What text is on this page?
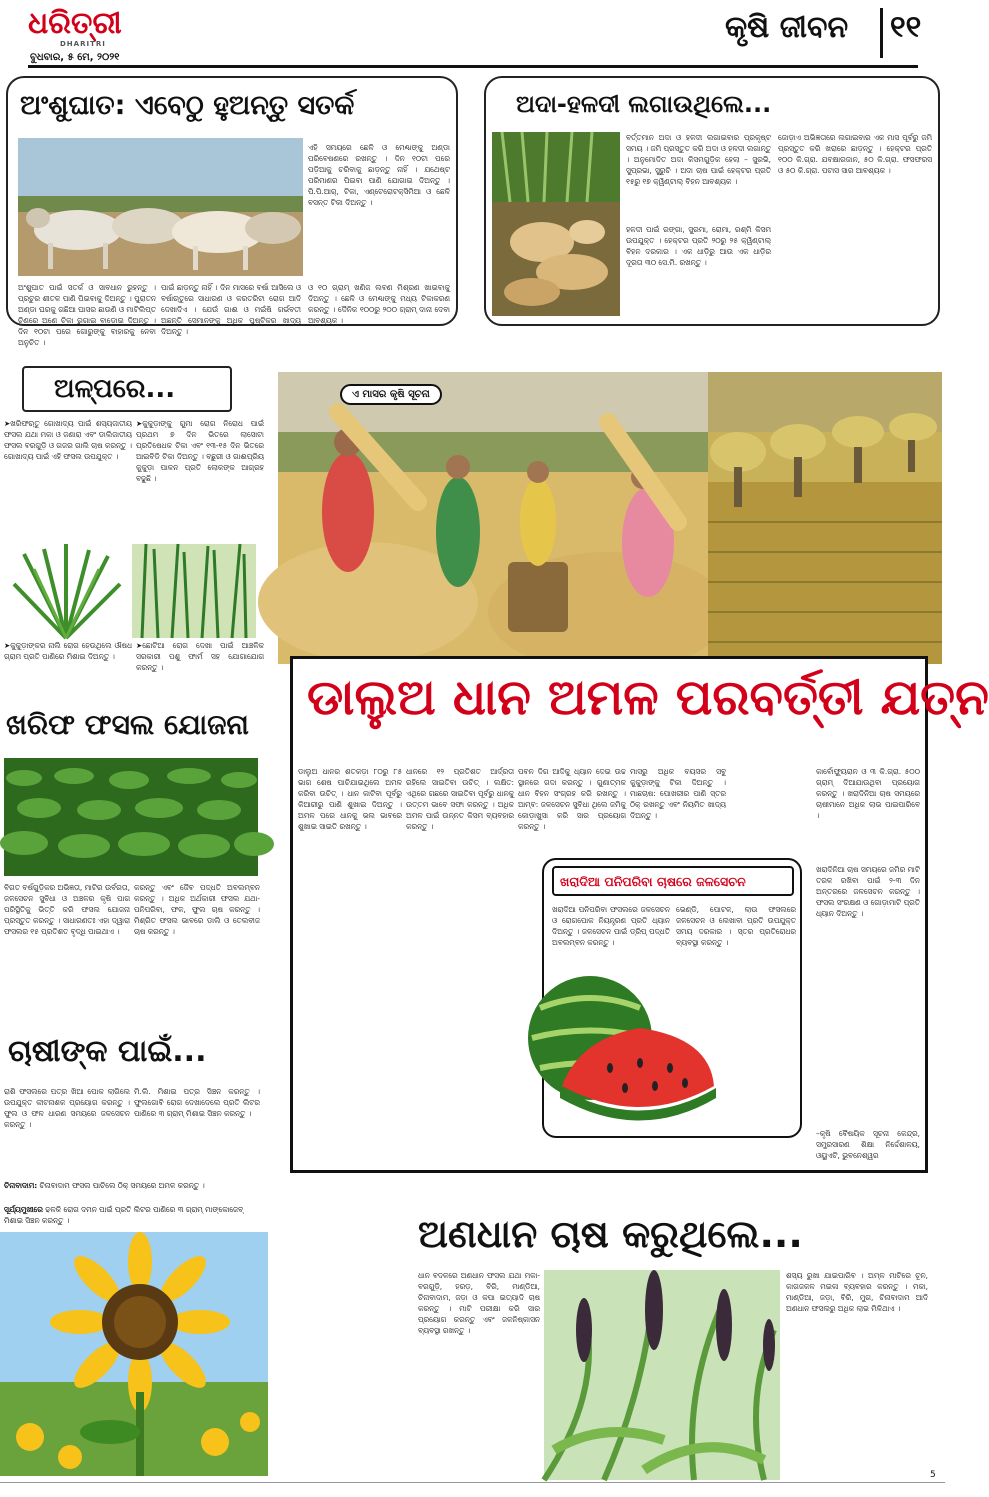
ଧରିତ୍ରୀ
DHARITRI
ବୁଧବାର, ୫ ମେ, ୨୦୨୧
କୃଷି ଜୀବନ ୧୧
ଅଂଶୁଘାତ: ଏବେଠୁ ହୁଅନ୍ତୁ ସତର୍କ
ଏହି ସମୟରେ ଛେଳି ଓ ମେଣ୍ଢାଙ୍କୁ ଅଣ୍ଡା ପରିବେଷଣରେ ରଖନ୍ତୁ । ଦିନ ୧୦ଟା ପରେ ପଡ଼ିଆକୁ ଚରିବାକୁ ଛାଡ଼ନ୍ତୁ ନାହିଁ । ଯଥେଷ୍ଟ ପରିମାଣର ପିଇବା ପାଣି ଯୋଗାଇ ଦିଅନ୍ତୁ । ପି.ପି.ଆର୍‌, ଟିକା, ଏଣ୍ଟେରୋଟକ୍ସିମିଆ ଓ ଛେଳି ବସନ୍ତ ଟିକା ଦିଅନ୍ତୁ ।
ଅଂଶୁଘାତ ପାଇଁ ସତର୍କ ଓ ସାବଧାନ ରୁହନ୍ତୁ । ପ୍ରଚୁର ଶୀତଳ ପାଣି ପିଇବାକୁ ଦିଅନ୍ତୁ । ପୁରାତନ ଅଣ୍ଡା ଘରକୁ ଗଛିଆ ଘାସର ଛାଉଣି ଓ ମାଟିଲିପ୍ତ ଚିଣରେ ଅଣେ ଚିକା ରୁଗାଇ ବାଡ଼ୋଇ ଦିଅନ୍ତୁ । ଦିନ ୧୦ଟା ପରେ ଗୋରୁଙ୍କୁ ବାହାରକୁ ନେବା ଅନୁଚିତ ।
ପାଇଁ ଛାଡ଼ନ୍ତୁ ନାହିଁ । ଦିନ ମାସରେ ବର୍ଷା ଆସିଲେ ଓ ବର୍ଷାଋତୁରେ ସାଧାରଣ ଓ କରତରିଟା ରୋଗ ଆଦି ଦେଖାଦିଏ । ଯେଉଁ ଗାଈ ଓ ମଇଁଷି ଗର୍ଭବତୀ ଅଛନ୍ତି ସେମାନଙ୍କୁ ଅଧିକ ପୁଷ୍ଟିକର ଖାଦ୍ୟ ଦିଅନ୍ତୁ ।
ଓ ୧୦ ଗ୍ରାମ୍ ଖଣିଜ ଲବଣ ମିଶ୍ରଣ ଖାଇବାକୁ ଦିଅନ୍ତୁ । ଛେଳି ଓ ମେଣ୍ଢାଙ୍କୁ ମଧ୍ୟ ଟିକାକରଣ କରନ୍ତୁ । ଦୈନିକ ୧୦୦ରୁ ୨୦୦ ଗ୍ରାମ୍ ଦାନା ଦେବା ଆବଶ୍ୟକ ।
ଅଦା-ହଳଦୀ ଲଗାଉଥିଲେ...
ବର୍ତ୍ତମାନ ଅଦା ଓ ହଳଦୀ ଲଗାଇବାର ପ୍ରକୃଷ୍ଟ ସମୟ । ଜମି ପ୍ରସ୍ତୁତ କରି ଅଦା ଓ ହଳଦୀ ଲଗାନ୍ତୁ । ଅନୁମୋଦିତ ଅଦା କିସମଗୁଡ଼ିକ ହେଲା – ସୁରଭି, ସୁପ୍ରଭା, ସୁରୁଚି । ଅଦା ଚାଷ ପାଇଁ ହେକ୍ଟର ପ୍ରତି ୧୫ରୁ ୧୭ କ୍ୱିଣ୍ଟାଲ୍ ବିହନ ଆବଶ୍ୟକ ।
ହଳଦୀ ପାଇଁ ରଙ୍ଗା, ସୁରମା, ରୋମା, ରଶ୍ମି କିସମ ଉପଯୁକ୍ତ । ହେକ୍ଟର ପ୍ରତି ୨୦ରୁ ୨୫ କ୍ୱିଣ୍ଟାଲ୍ ବିହନ ଦରକାର । ଏକ ଧାଡ଼ିରୁ ଆଉ ଏକ ଧାଡ଼ିର ଦୂରତା ୩୦ ସେ.ମି. ରଖନ୍ତୁ ।
ଜୋଡ଼ାଏ ଅଭିଜ୍ଞତାରେ ଲଗାଇବାର ଏକ ମାସ ପୂର୍ବରୁ ଜମି ପ୍ରସ୍ତୁତ କରି ଖରାରେ ଛାଡ଼ନ୍ତୁ । ହେକ୍ଟର ପ୍ରତି ୧୦୦ କି.ଗ୍ରା. ଯବକ୍ଷାରଜାନ, ୫୦ କି.ଗ୍ରା. ଫସଫରସ ଓ ୫୦ କି.ଗ୍ରା. ପଟାସ ସାର ଆବଶ୍ୟକ ।
ଅଳ୍ପରେ...
➤ଖରିଫଋତୁ ଗୋଖାଦ୍ୟ ପାଇଁ ଶସ୍ୟଜାତୀୟ ଫସଲ ଯଥା ମକା ଓ ଜଣାରା ଏବଂ ଡାଲିଜାତୀୟ ଫସଲ ବରଗୁଡ଼ି ଓ ଗଜର ଗାଲି ଚାଷ କରନ୍ତୁ । ଗୋଖାଦ୍ୟ ପାଇଁ ଏହି ଫସଲ ଉପଯୁକ୍ତ ।
➤କୁକୁଡ଼ାଙ୍କୁ ଗୁମା ରୋଗ ନିରୋଧ ପାଇଁ ପ୍ରଥମ ୭ ଦିନ ଭିତରେ ଲାସୋଟା ପ୍ରତିଷେଧକ ଟିକା ଏବଂ ୧୩-୧୫ ଦିନ ଭିତରେ ଆଇବିଡି ଟିକା ଦିଅନ୍ତୁ । ବଛୁରୀ ଓ ଗାଈପ୍ରିୟ କୁକୁଡ଼ା ପାଳନ ପ୍ରତି ଲୋକଙ୍କ ଆଗ୍ରହ ବଢୁଛି ।
➤କୁକୁଡ଼ାଙ୍କର ନାଲି ରୋଗ ହେଉଥିଲେ ଔଷଧ ଗ୍ରାମ ପ୍ରତି ପାଣିରେ ମିଶାଇ ଦିଅନ୍ତୁ ।
➤ଛୋଟିଆ ରୋଗ ଦେଖା ପାଇଁ ଆଞ୍ଚଳିକ ସରକାରୀ ପଶୁ ଫାର୍ମ ସହ ଯୋଗାଯୋଗ କରନ୍ତୁ ।
ଖରିଫ ଫସଲ ଯୋଜନା
ବିଗତ ବର୍ଷଗୁଡ଼ିକର ଅଭିଜ୍ଞତା, ମାଟିର ଉର୍ବରତା, ଜଳସେଚନ ସୁବିଧା ଓ ଅଞ୍ଚଳର କୃଷି ପାଗ ପରିସ୍ଥିତିକୁ ଭିତ୍ତି କରି ଫସଲ ଯୋଜନା ପ୍ରସ୍ତୁତ କରନ୍ତୁ । ସାଧାରଣତଃ ଏହା ଦ୍ୱାରା ଫସଲର ୧୫ ପ୍ରତିଶତ ବୃଦ୍ଧି ପାଇଥାଏ ।
କରନ୍ତୁ ଏବଂ ଜୈବ ପଦ୍ଧତି ଅବଲମ୍ବନ କରନ୍ତୁ । ଅଧିକ ଅର୍ଥକାରୀ ଫସଲ ଯଥା- ପନିପରିବା, ଫଳ, ଫୁଲ ଚାଷ କରନ୍ତୁ । ମିଶ୍ରିତ ଫସଲ ଭାବରେ ଡାଲି ଓ ତେଲବୀଜ ଚାଷ କରନ୍ତୁ ।
ଚାଷୀଙ୍କ ପାଇଁ...
ରାଶି ଫସଲରେ ପତ୍ର ଖିଆ ପୋକ ଲାଗିଲେ ଉପଯୁକ୍ତ କୀଟନାଶକ ପ୍ରୟୋଗ କରନ୍ତୁ । ଫୁଲ ଓ ଫଳ ଧାରଣ ସମୟରେ ଜଳସେଚନ କରନ୍ତୁ ।
ମି.ଲି. ମିଶାଇ ପତ୍ର ସିଞ୍ଚନ କରନ୍ତୁ । ଫୁଲଗୋବି ରୋଗ ଦେଖାଦେଲେ ପ୍ରତି ଲିଟର ପାଣିରେ ୩ ଗ୍ରାମ୍ ମିଶାଇ ସିଞ୍ଚନ କରନ୍ତୁ ।
ଚିନାବାଦାମ: ଚିନାବାଦାମ ଫସଲ ପାଚିଲେ ଠିକ୍ ସମୟରେ ଅମଳ କରନ୍ତୁ ।
ସୂର୍ଯ୍ୟମୁଖୀରେ ଢଳକି ରୋଗ ଦମନ ପାଇଁ ପ୍ରତି ଲିଟର ପାଣିରେ ୩ ଗ୍ରାମ୍ ମାଙ୍କୋଜେବ୍ ମିଶାଇ ସିଞ୍ଚନ କରନ୍ତୁ ।
ଏ ମାସର କୃଷି ସୂଚନା
ଡାଲୁଅ ଧାନ ଅମଳ ପରବର୍ତ୍ତୀ ଯତ୍ନ
ଡାଲୁଅ ଧାନର ଶତକଡ଼ା ୮୦ରୁ ୮୫ ଭାଗ ଶେଷ ପାଚିଯାଇଥିଲେ ଅମଳ କରିବା ଉଚିତ୍ । ଧାନ କାଟିବା ପୂର୍ବରୁ କିଆରୀରୁ ପାଣି ଶୁଖାଇ ଦିଅନ୍ତୁ । ଅମଳ ପରେ ଧାନକୁ ଭଲ ଭାବରେ ଶୁଖାଇ ସାଇତି ରଖନ୍ତୁ ।
ଧାନରେ ୧୨ ପ୍ରତିଶତ ଆର୍ଦ୍ରତା ରହିଲେ ସାଇତିବା ଉଚିତ୍ । ଲକ୍ଷିତ: ଏଥିରେ ଗଛରେ ସାଇତିବା ପୂର୍ବରୁ ଧାନକୁ ଉତ୍ତମ ଭାବେ ସଫା କରନ୍ତୁ । ଅଧିକ ଅମଳ ପାଇଁ ଉନ୍ନତ କିସମ ବ୍ୟବହାର କରନ୍ତୁ ।
ପବନ ଦିଗ ଆଦିକୁ ଧ୍ୟାନ ଦେଇ ଉଚ୍ଚ ସ୍ଥାନରେ ଗଦା କରନ୍ତୁ । ଗୁଣାତ୍ମକ ଧାନ ବିହନ ସଂଗ୍ରହ କରି ରଖନ୍ତୁ । ଆମ୍ବ: ଜଳସେଚନ ସୁବିଧା ଥିଲେ ଜମିକୁ କୋଡ଼ାଖୁସା କରି ସାର ପ୍ରୟୋଗ କରନ୍ତୁ ।
ମାସରୁ ଅଧିକ ବୟସର ସବୁ କୁକୁଡ଼ାଙ୍କୁ ଟିକା ଦିଅନ୍ତୁ । ମାଛଚାଷ: ପୋଖରୀର ପାଣି ସ୍ତର ଠିକ୍ ରଖନ୍ତୁ ଏବଂ ନିୟମିତ ଖାଦ୍ୟ ଦିଅନ୍ତୁ ।
କାର୍ବୋଫ୍ୟୁରାନ ଓ ୩ କି.ଗ୍ରା. ୫୦୦ ଗ୍ରାମ୍ ଦିଆଯାଉଥିବା ପ୍ରୟୋଗ କରନ୍ତୁ । ଖରାଦିନିଆ ଚାଷ ସମୟରେ ଚାଷୀମାନେ ଅଧିକ ଲାଭ ପାଇପାରିବେ ।
ଖରାଦିନିଆ ଚାଷ ସମୟରେ ଜମିର ମାଟି ତରଳ ରଖିବା ପାଇଁ ୨-୩ ଦିନ ଅନ୍ତରରେ ଜଳସେଚନ କରନ୍ତୁ । ଫସଲ ସଂରକ୍ଷଣ ଓ ଗୋଡ଼ାମାଟି ପ୍ରତି ଧ୍ୟାନ ଦିଅନ୍ତୁ ।
–କୃଷି ବୈଷୟିକ ସୂଚନା କେନ୍ଦ୍ର, ସମ୍ପ୍ରସାରଣ ଶିକ୍ଷା ନିର୍ଦ୍ଦେଶାଳୟ, ଓୟୁଏଟି, ଭୁବନେଶ୍ୱର
ଖରାଦିଆ ପନିପରିବା ଚାଷରେ ଜଳସେଚନ
ଖରାଦିଆ ପନିପରିବା ଫସଲରେ ଜଳସେଚନ ଓ ରୋଗପୋକ ନିୟନ୍ତ୍ରଣ ପ୍ରତି ଧ୍ୟାନ ଦିଅନ୍ତୁ । ଜଳସେଚନ ପାଇଁ ଡ୍ରିପ୍ ପଦ୍ଧତି ଅବଲମ୍ବନ କରନ୍ତୁ ।
ଭେଣ୍ଡି, ପୋଟଳ, ଲାଉ ଫସଲରେ ଜଳସେଚନ ଓ ଲେଖାବା ପ୍ରତି ଉପଯୁକ୍ତ ସମୟ ଦରକାର । ସ୍ତର ପ୍ରତିରୋଧର ବ୍ୟବସ୍ଥା କରନ୍ତୁ ।
ଅଣଧାନ ଚାଷ କରୁଥିଲେ...
ଧାନ ବଦଳରେ ଅଣଧାନ ଫସଲ ଯଥା ମକା-ବରଗୁଡ଼ି, ହରଡ଼, ବିରି, ମାଣ୍ଡିଆ, ଚିନାବାଦାମ, ଜଡ଼ା ଓ କପା ଇତ୍ୟାଦି ଚାଷ କରନ୍ତୁ । ମାଟି ପରୀକ୍ଷା କରି ସାର ପ୍ରୟୋଗ କରନ୍ତୁ ଏବଂ ଜଳନିଷ୍କାସନ ବ୍ୟବସ୍ଥା ରଖନ୍ତୁ ।
ଶସ୍ୟ ରୁଖା ଯାଇପାରିବ । ଅମ୍ଳ ମାଟିରେ ଚୂନ, କାଗଜକଳ ମଇଳା ବ୍ୟବହାର କରନ୍ତୁ । ମକା, ମାଣ୍ଡିଆ, ଜଡ଼ା, ବିରି, ମୁଗ, ଚିନାବାଦାମ ଆଦି ଅଣଧାନ ଫସଲରୁ ଅଧିକ ଲାଭ ମିଳିଥାଏ ।
5
